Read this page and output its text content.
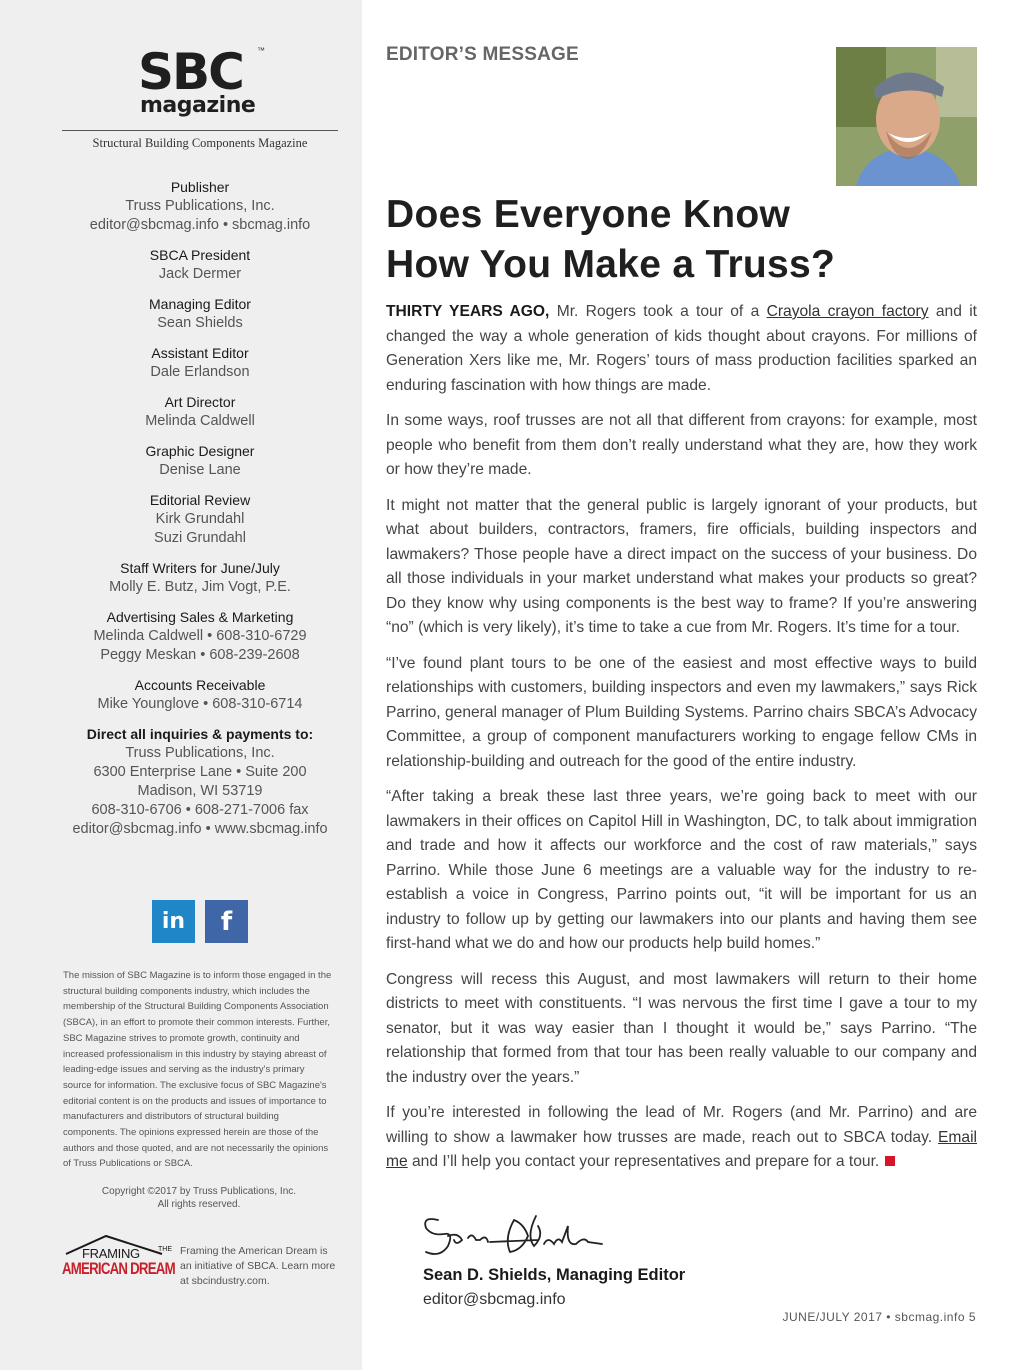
SBC ™
magazine
Structural Building Components Magazine
Publisher
Truss Publications, Inc.
editor@sbcmag.info • sbcmag.info
SBCA President
Jack Dermer
Managing Editor
Sean Shields
Assistant Editor
Dale Erlandson
Art Director
Melinda Caldwell
Graphic Designer
Denise Lane
Editorial Review
Kirk Grundahl
Suzi Grundahl
Staff Writers for June/July
Molly E. Butz, Jim Vogt, P.E.
Advertising Sales & Marketing
Melinda Caldwell • 608-310-6729
Peggy Meskan • 608-239-2608
Accounts Receivable
Mike Younglove • 608-310-6714
Direct all inquiries & payments to:
Truss Publications, Inc.
6300 Enterprise Lane • Suite 200
Madison, WI 53719
608-310-6706 • 608-271-7006 fax
editor@sbcmag.info • www.sbcmag.info
in	f
The mission of SBC Magazine is to inform those engaged in the structural building components industry, which includes the membership of the Structural Building Components Association (SBCA), in an effort to promote their common interests. Further, SBC Magazine strives to promote growth, continuity and increased professionalism in this industry by staying abreast of leading-edge issues and serving as the industry's primary source for information. The exclusive focus of SBC Magazine's editorial content is on the products and issues of importance to manufacturers and distributors of structural building components. The opinions expressed herein are those of the authors and those quoted, and are not necessarily the opinions of Truss Publications or SBCA.
Copyright ©2017 by Truss Publications, Inc.
All rights reserved.
FRAMING	THE
AMERICAN DREAM
Framing the American Dream is an initiative of SBCA. Learn more at sbcindustry.com.
EDITOR’S MESSAGE
Does Everyone Know
How You Make a Truss?

THIRTY YEARS AGO, Mr. Rogers took a tour of a Crayola crayon factory and it changed the way a whole generation of kids thought about crayons. For millions of Generation Xers like me, Mr. Rogers’ tours of mass production facilities sparked an enduring fascination with how things are made.

In some ways, roof trusses are not all that different from crayons: for example, most people who benefit from them don’t really understand what they are, how they work or how they’re made.

It might not matter that the general public is largely ignorant of your products, but what about builders, contractors, framers, fire officials, building inspectors and lawmakers? Those people have a direct impact on the success of your business. Do all those individuals in your market understand what makes your products so great? Do they know why using components is the best way to frame? If you’re answering “no” (which is very likely), it’s time to take a cue from Mr. Rogers. It’s time for a tour.

“I’ve found plant tours to be one of the easiest and most effective ways to build relationships with customers, building inspectors and even my lawmakers,” says Rick Parrino, general manager of Plum Building Systems. Parrino chairs SBCA’s Advocacy Committee, a group of component manufacturers working to engage fellow CMs in relationship-building and outreach for the good of the entire industry.

“After taking a break these last three years, we’re going back to meet with our lawmakers in their offices on Capitol Hill in Washington, DC, to talk about immigration and trade and how it affects our workforce and the cost of raw materials,” says Parrino. While those June 6 meetings are a valuable way for the industry to re-establish a voice in Congress, Parrino points out, “it will be important for us an industry to follow up by getting our lawmakers into our plants and having them see first-hand what we do and how our products help build homes.”

Congress will recess this August, and most lawmakers will return to their home districts to meet with constituents. “I was nervous the first time I gave a tour to my senator, but it was way easier than I thought it would be,” says Parrino. “The relationship that formed from that tour has been really valuable to our company and the industry over the years.”

If you’re interested in following the lead of Mr. Rogers (and Mr. Parrino) and are willing to show a lawmaker how trusses are made, reach out to SBCA today. Email me and I’ll help you contact your representatives and prepare for a tour.

Sean D. Shields, Managing Editor
editor@sbcmag.info
JUNE/JULY 2017 • sbcmag.info 5
